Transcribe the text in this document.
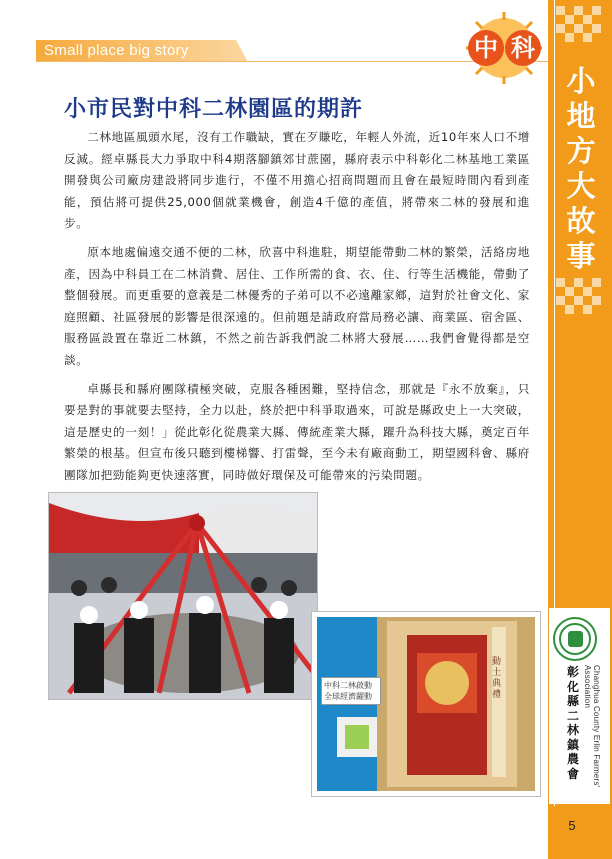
小
地
方
大
故
事
彰化縣二林鎮農會	Changhua County Erlin Farmers' Association
5
Small place big story	中 科
小市民對中科二林園區的期許

二林地區風頭水尾，沒有工作職缺，實在歹賺吃，年輕人外流，近10年來人口不增反減。經卓縣長大力爭取中科4期落腳鎮郊甘蔗園，縣府表示中科彰化二林基地工業區開發與公司廠房建設將同步進行，不僅不用擔心招商問題而且會在最短時間內看到產能，預估將可提供25,000個就業機會，創造4千億的產值，將帶來二林的發展和進步。

原本地處偏遠交通不便的二林，欣喜中科進駐，期望能帶動二林的繁榮，活絡房地產，因為中科員工在二林消費、居住、工作所需的食、衣、住、行等生活機能，帶動了整個發展。而更重要的意義是二林優秀的子弟可以不必遠離家鄉，這對於社會文化、家庭照顧、社區發展的影響是很深遠的。但前題是請政府當局務必讓、商業區、宿舍區、服務區設置在靠近二林鎮，不然之前告訴我們說二林將大發展……我們會覺得都是空談。

卓縣長和縣府團隊積極突破，克服各種困難，堅持信念，那就是『永不放棄』，只要是對的事就要去堅持，全力以赴，終於把中科爭取過來，可說是縣政史上一大突破，這是歷史的一刻！」從此彰化從農業大縣、傳統產業大縣，躍升為科技大縣，奠定百年繁榮的根基。但宣布後只聽到樓梯響、打雷聲，至今未有廠商動工，期望國科會、縣府團隊加把勁能夠更快速落實，同時做好環保及可能帶來的污染問題。

中科二林啟動 全球經濟躍動
動土典禮
